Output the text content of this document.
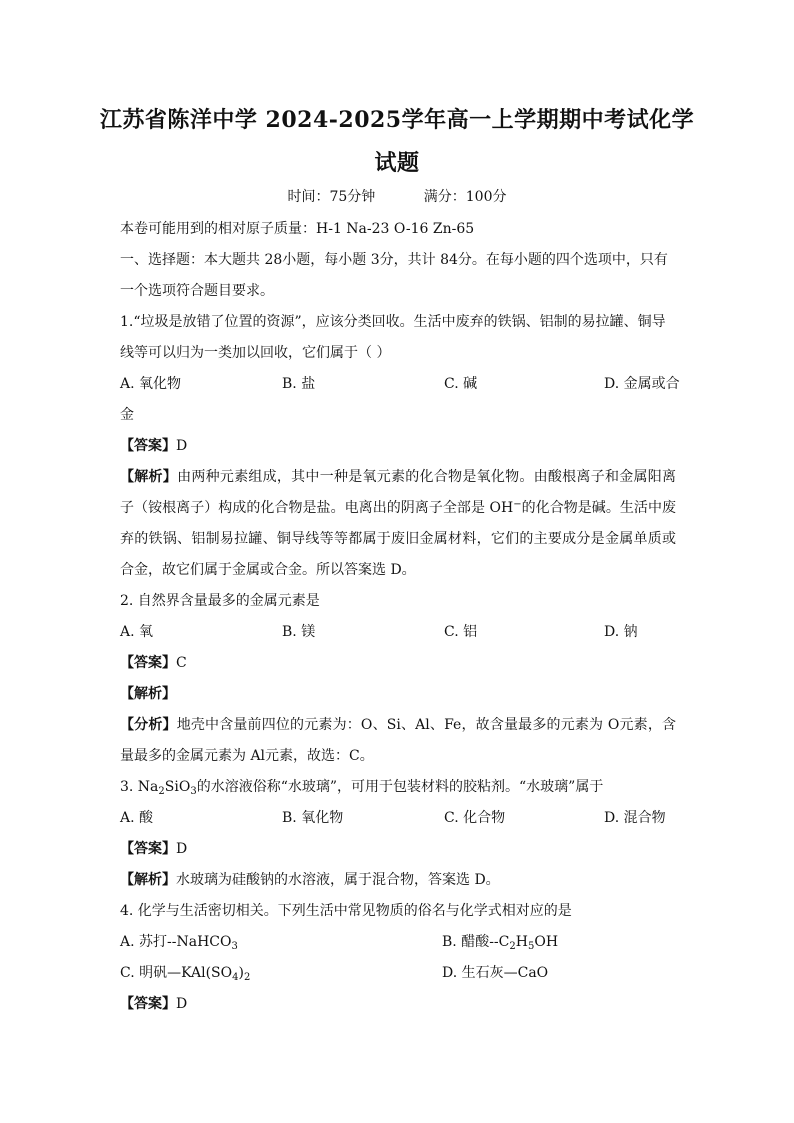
江苏省陈洋中学 2024-2025学年高一上学期期中考试化学
试题
时间：75分钟	满分：100分
本卷可能用到的相对原子质量：H-1 Na-23 O-16 Zn-65
一、选择题：本大题共 28小题，每小题 3分，共计 84分。在每小题的四个选项中，只有
一个选项符合题目要求。
1.“垃圾是放错了位置的资源”，应该分类回收。生活中废弃的铁锅、铝制的易拉罐、铜导
线等可以归为一类加以回收，它们属于（ ）
A. 氧化物	B. 盐	C. 碱	D. 金属或合
金
【答案】D
【解析】由两种元素组成，其中一种是氧元素的化合物是氧化物。由酸根离子和金属阳离子（铵根离子）构成的化合物是盐。电离出的阴离子全部是 OH−的化合物是碱。生活中废弃的铁锅、铝制易拉罐、铜导线等等都属于废旧金属材料，它们的主要成分是金属单质或合金，故它们属于金属或合金。所以答案选 D。
2. 自然界含量最多的金属元素是
A. 氧	B. 镁	C. 铝	D. 钠
【答案】C
【解析】
【分析】地壳中含量前四位的元素为：O、Si、Al、Fe，故含量最多的元素为 O元素，含量最多的金属元素为 Al元素，故选：C。
3. $Na_2SiO_3$的水溶液俗称“水玻璃”，可用于包装材料的胶粘剂。“水玻璃”属于
A. 酸	B. 氧化物	C. 化合物	D. 混合物
【答案】D
【解析】水玻璃为硅酸钠的水溶液，属于混合物，答案选 D。
4. 化学与生活密切相关。下列生活中常见物质的俗名与化学式相对应的是
A. 苏打--NaHCO$_3$	B. 醋酸$--C_2H_5OH$
C. 明矾$—KAl(SO_4)_2$	D. 生石灰—CaO
【答案】D
